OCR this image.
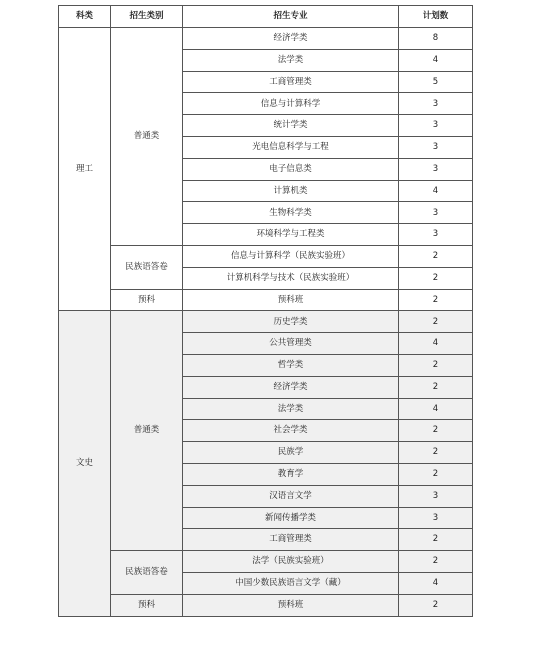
科类	招生类别	招生专业	计划数
理工	普通类	经济学类	8
		法学类	4
		工商管理类	5
		信息与计算科学	3
		统计学类	3
		光电信息科学与工程	3
		电子信息类	3
		计算机类	4
		生物科学类	3
		环境科学与工程类	3
	民族语答卷	信息与计算科学（民族实验班）	2
		计算机科学与技术（民族实验班）	2
	预科	预科班	2
文史	普通类	历史学类	2
		公共管理类	4
		哲学类	2
		经济学类	2
		法学类	4
		社会学类	2
		民族学	2
		教育学	2
		汉语言文学	3
		新闻传播学类	3
		工商管理类	2
	民族语答卷	法学（民族实验班）	2
		中国少数民族语言文学（藏）	4
	预科	预科班	2
